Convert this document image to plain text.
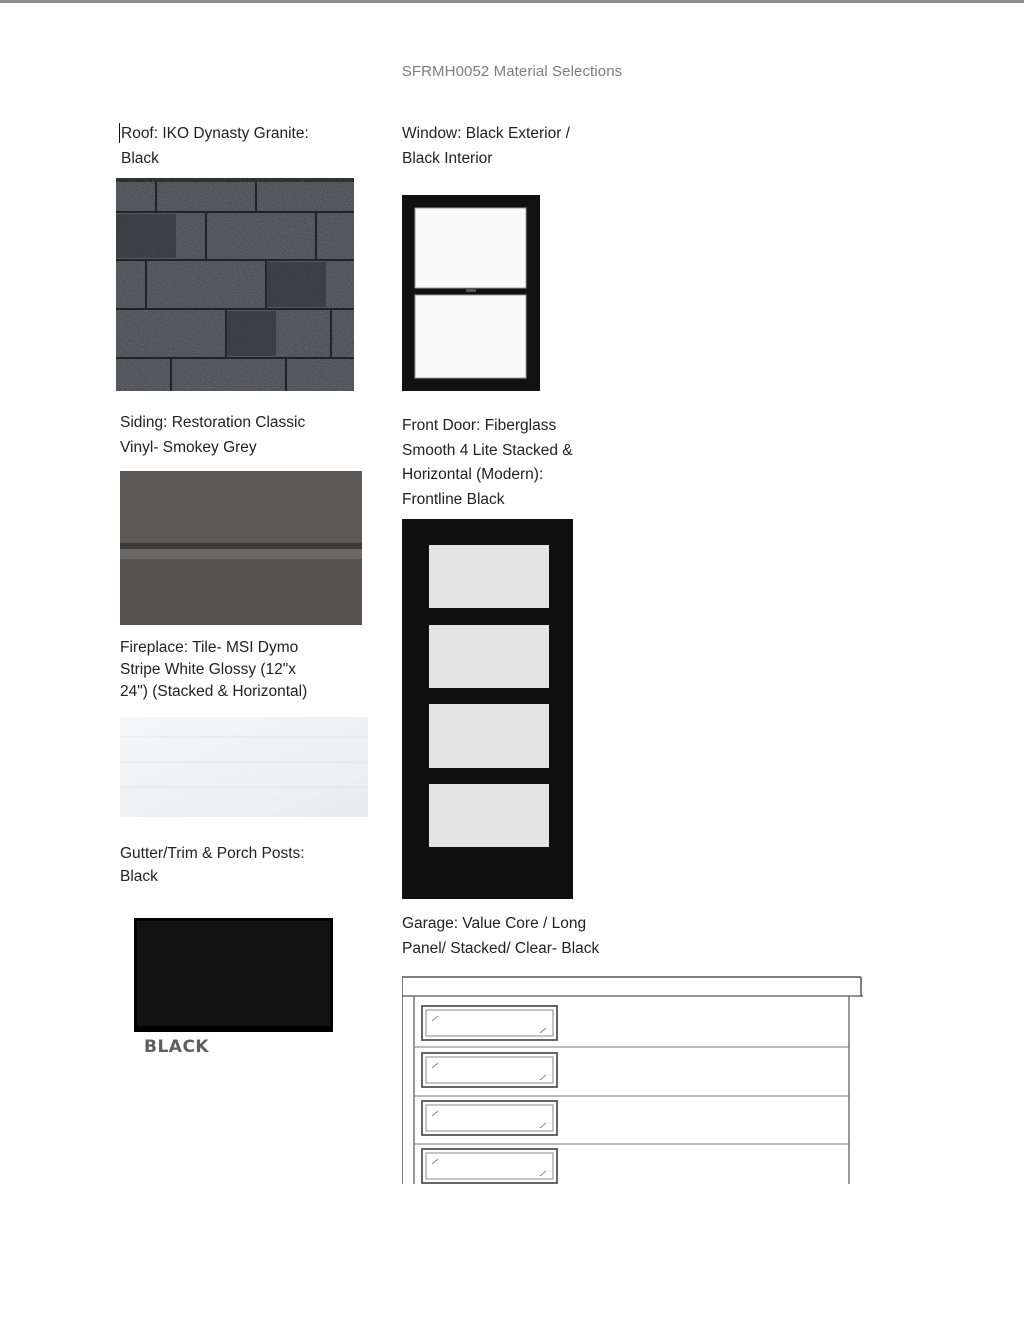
SFRMH0052 Material Selections
Roof: IKO Dynasty Granite:
Black
Window: Black Exterior /
Black Interior
Siding: Restoration Classic
Vinyl- Smokey Grey
Front Door: Fiberglass
Smooth 4 Lite Stacked &
Horizontal (Modern):
Frontline Black
Fireplace: Tile- MSI Dymo
Stripe White Glossy (12"x
24") (Stacked & Horizontal)
Gutter/Trim & Porch Posts:
Black
BLACK
Garage: Value Core / Long
Panel/ Stacked/ Clear- Black
